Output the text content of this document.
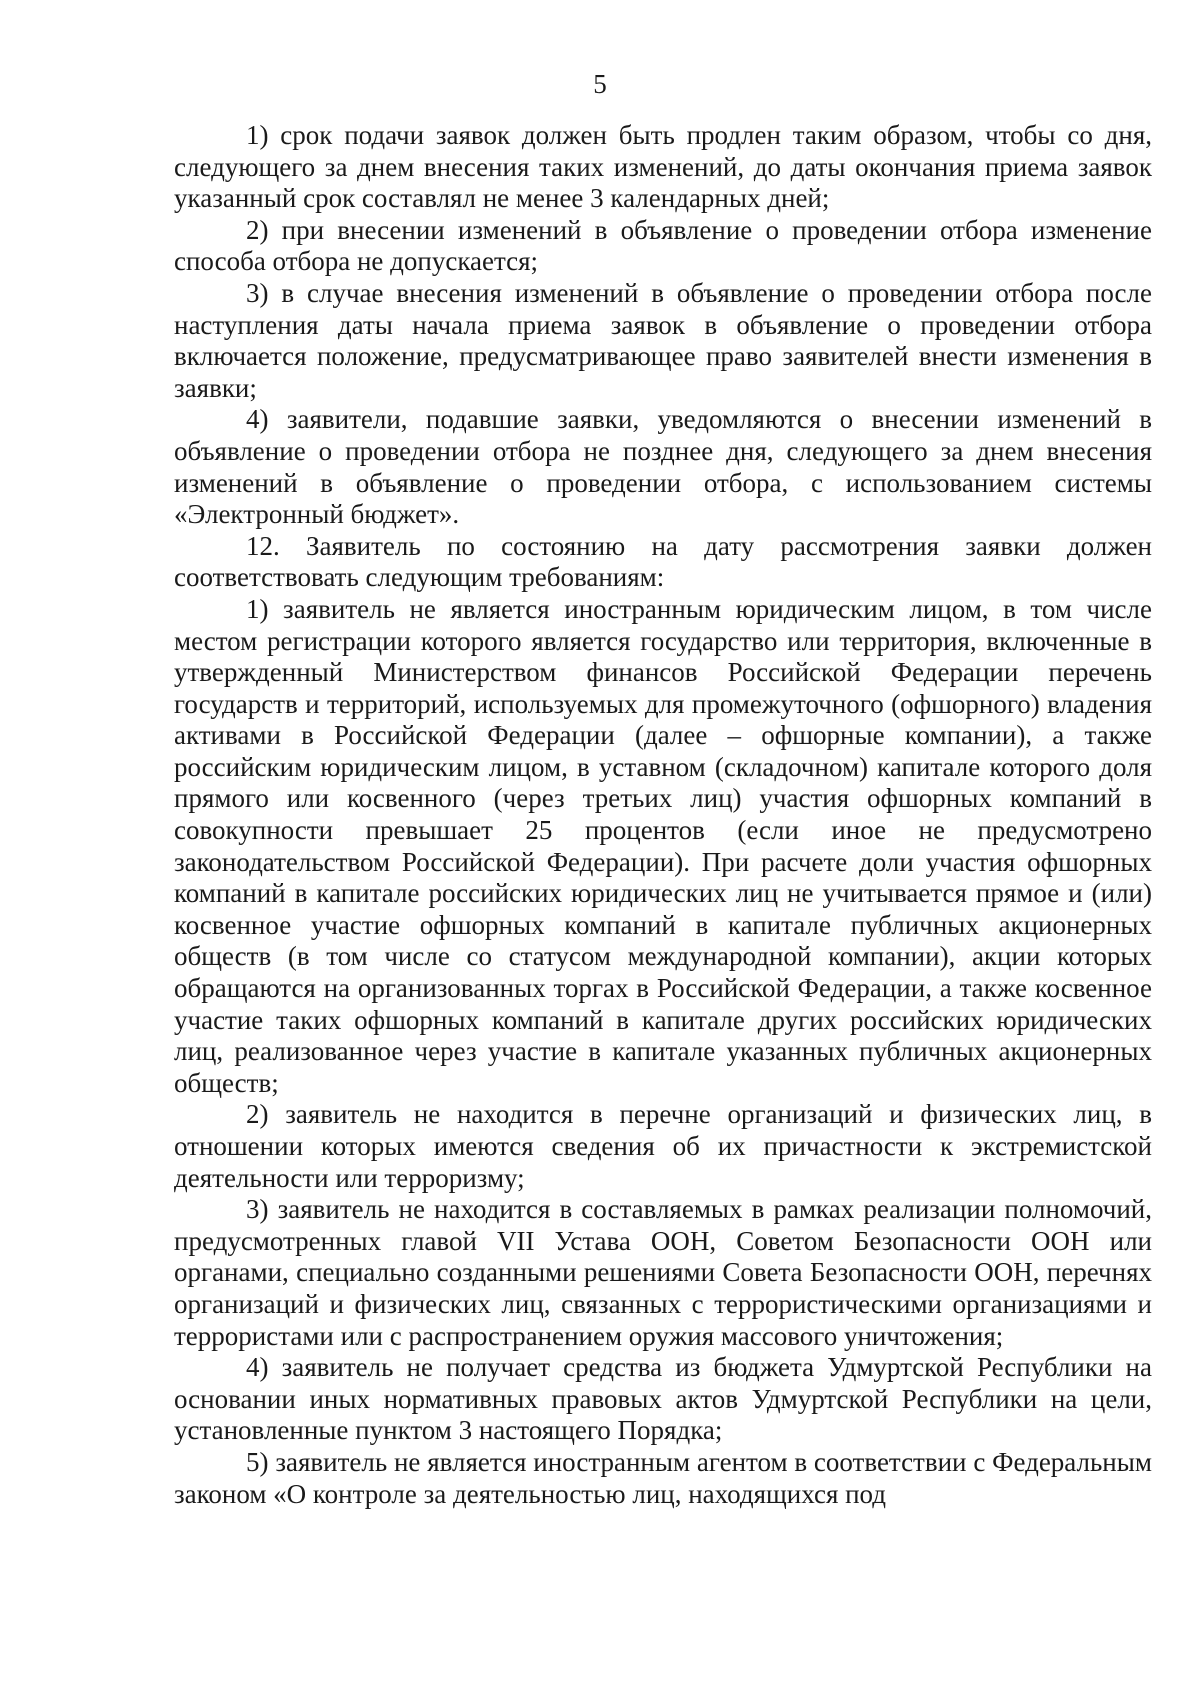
5

1) срок подачи заявок должен быть продлен таким образом, чтобы со дня, следующего за днем внесения таких изменений, до даты окончания приема заявок указанный срок составлял не менее 3 календарных дней;

2) при внесении изменений в объявление о проведении отбора изменение способа отбора не допускается;

3) в случае внесения изменений в объявление о проведении отбора после наступления даты начала приема заявок в объявление о проведении отбора включается положение, предусматривающее право заявителей внести изменения в заявки;

4) заявители, подавшие заявки, уведомляются о внесении изменений в объявление о проведении отбора не позднее дня, следующего за днем внесения изменений в объявление о проведении отбора, с использованием системы «Электронный бюджет».

12. Заявитель по состоянию на дату рассмотрения заявки должен соответствовать следующим требованиям:

1) заявитель не является иностранным юридическим лицом, в том числе местом регистрации которого является государство или территория, включенные в утвержденный Министерством финансов Российской Федерации перечень государств и территорий, используемых для промежуточного (офшорного) владения активами в Российской Федерации (далее – офшорные компании), а также российским юридическим лицом, в уставном (складочном) капитале которого доля прямого или косвенного (через третьих лиц) участия офшорных компаний в совокупности превышает 25 процентов (если иное не предусмотрено законодательством Российской Федерации). При расчете доли участия офшорных компаний в капитале российских юридических лиц не учитывается прямое и (или) косвенное участие офшорных компаний в капитале публичных акционерных обществ (в том числе со статусом международной компании), акции которых обращаются на организованных торгах в Российской Федерации, а также косвенное участие таких офшорных компаний в капитале других российских юридических лиц, реализованное через участие в капитале указанных публичных акционерных обществ;

2) заявитель не находится в перечне организаций и физических лиц, в отношении которых имеются сведения об их причастности к экстремистской деятельности или терроризму;

3) заявитель не находится в составляемых в рамках реализации полномочий, предусмотренных главой VII Устава ООН, Советом Безопасности ООН или органами, специально созданными решениями Совета Безопасности ООН, перечнях организаций и физических лиц, связанных с террористическими организациями и террористами или с распространением оружия массового уничтожения;

4) заявитель не получает средства из бюджета Удмуртской Республики на основании иных нормативных правовых актов Удмуртской Республики на цели, установленные пунктом 3 настоящего Порядка;

5) заявитель не является иностранным агентом в соответствии с Федеральным законом «О контроле за деятельностью лиц, находящихся под
